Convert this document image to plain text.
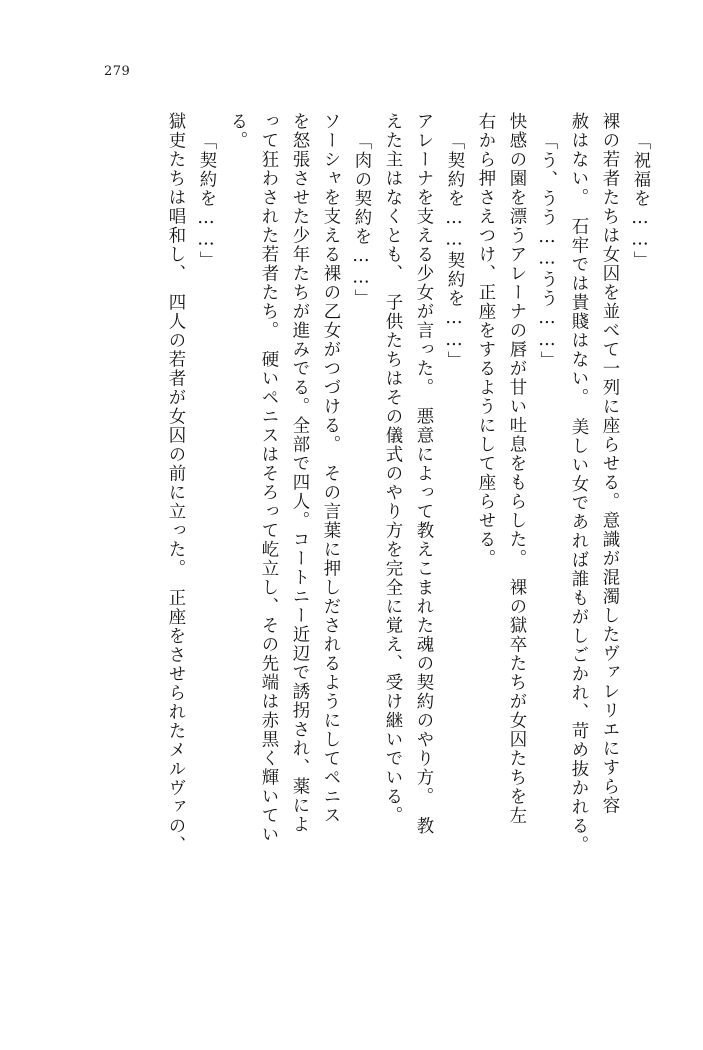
279
「祝福を……」
裸の若者たちは女囚を並べて一列に座らせる。意識が混濁したヴァレリエにすら容
赦はない。　石牢では貴賤はない。　美しい女であれば誰もがしごかれ、苛め抜かれる。
「う、うう……うう……」
快感の園を漂うアレーナの唇が甘い吐息をもらした。　裸の獄卒たちが女囚たちを左
右から押さえつけ、正座をするようにして座らせる。
「契約を……契約を……」
アレーナを支える少女が言った。　悪意によって教えこまれた魂の契約のやり方。　教
えた主はなくとも、　子供たちはその儀式のやり方を完全に覚え、受け継いでいる。
「肉の契約を……」
ソーシャを支える裸の乙女がつづける。　その言葉に押しだされるようにしてペニス
を怒張させた少年たちが進みでる。全部で四人。コートニー近辺で誘拐され、薬によ
って狂わされた若者たち。　硬いペニスはそろって屹立し、その先端は赤黒く輝いてい
る。
「契約を……」
獄吏たちは唱和し、　四人の若者が女囚の前に立った。　正座をさせられたメルヴァの、
